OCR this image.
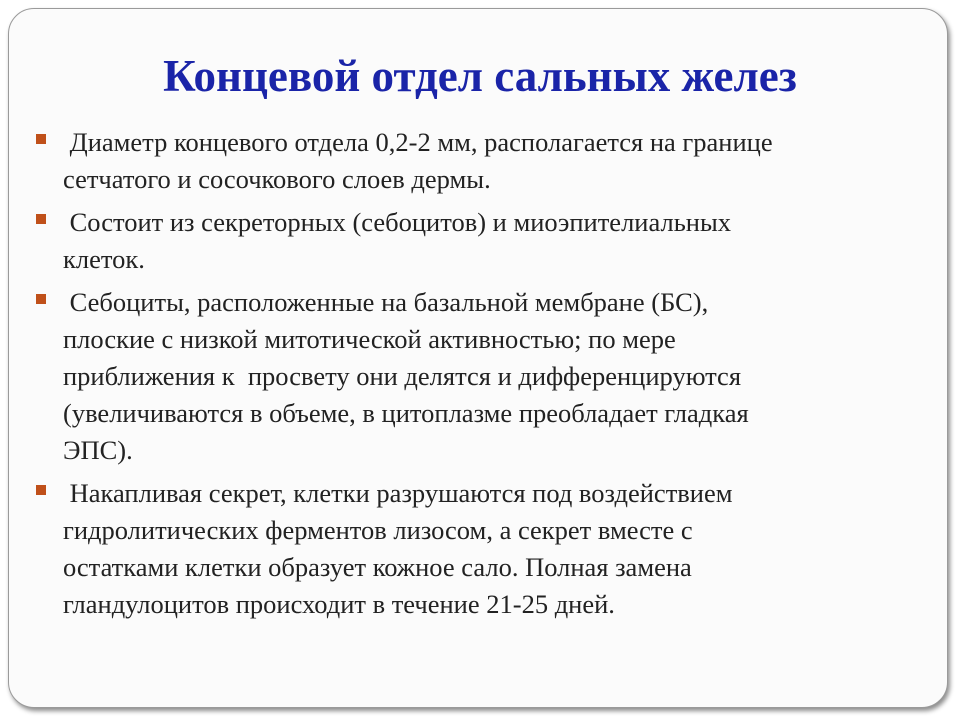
Концевой отдел сальных желез
Диаметр концевого отдела 0,2-2 мм, располагается на границе
сетчатого и сосочкового слоев дермы.
Состоит из секреторных (себоцитов) и миоэпителиальных
клеток.
Себоциты, расположенные на базальной мембране (БС),
плоские с низкой митотической активностью; по мере
приближения к  просвету они делятся и дифференцируются
(увеличиваются в объеме, в цитоплазме преобладает гладкая
ЭПС).
Накапливая секрет, клетки разрушаются под воздействием
гидролитических ферментов лизосом, а секрет вместе с
остатками клетки образует кожное сало. Полная замена
гландулоцитов происходит в течение 21-25 дней.
